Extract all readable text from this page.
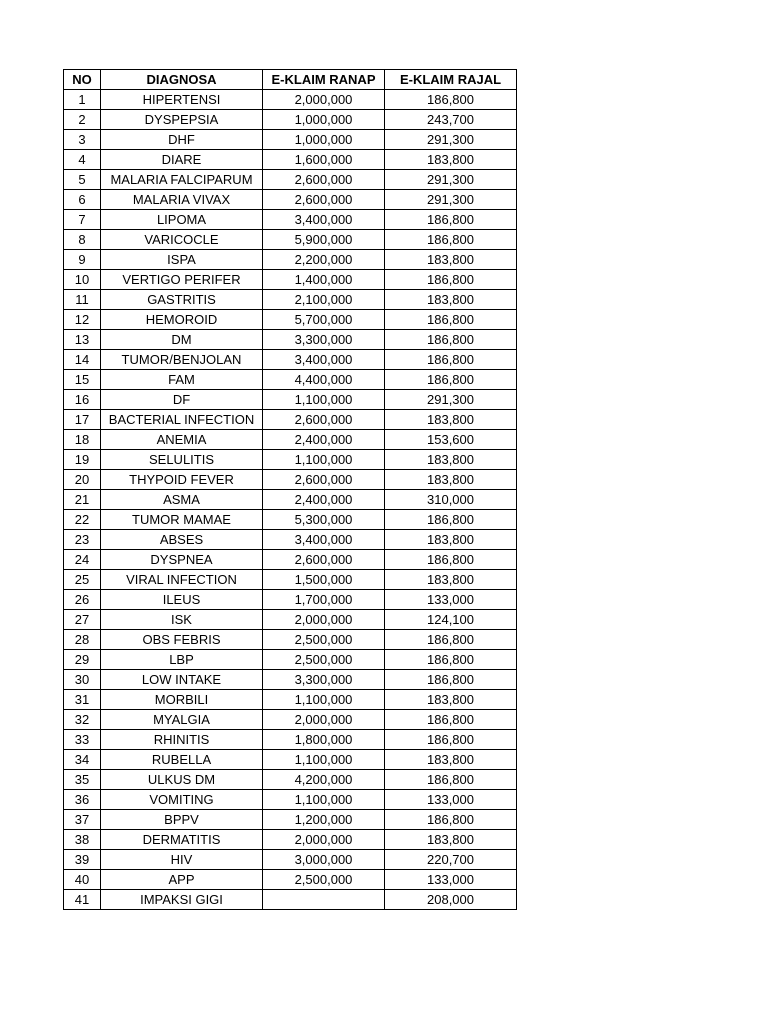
NO	DIAGNOSA	E-KLAIM RANAP	E-KLAIM RAJAL
1	HIPERTENSI	2,000,000	186,800
2	DYSPEPSIA	1,000,000	243,700
3	DHF	1,000,000	291,300
4	DIARE	1,600,000	183,800
5	MALARIA FALCIPARUM	2,600,000	291,300
6	MALARIA VIVAX	2,600,000	291,300
7	LIPOMA	3,400,000	186,800
8	VARICOCLE	5,900,000	186,800
9	ISPA	2,200,000	183,800
10	VERTIGO PERIFER	1,400,000	186,800
11	GASTRITIS	2,100,000	183,800
12	HEMOROID	5,700,000	186,800
13	DM	3,300,000	186,800
14	TUMOR/BENJOLAN	3,400,000	186,800
15	FAM	4,400,000	186,800
16	DF	1,100,000	291,300
17	BACTERIAL INFECTION	2,600,000	183,800
18	ANEMIA	2,400,000	153,600
19	SELULITIS	1,100,000	183,800
20	THYPOID FEVER	2,600,000	183,800
21	ASMA	2,400,000	310,000
22	TUMOR MAMAE	5,300,000	186,800
23	ABSES	3,400,000	183,800
24	DYSPNEA	2,600,000	186,800
25	VIRAL INFECTION	1,500,000	183,800
26	ILEUS	1,700,000	133,000
27	ISK	2,000,000	124,100
28	OBS FEBRIS	2,500,000	186,800
29	LBP	2,500,000	186,800
30	LOW INTAKE	3,300,000	186,800
31	MORBILI	1,100,000	183,800
32	MYALGIA	2,000,000	186,800
33	RHINITIS	1,800,000	186,800
34	RUBELLA	1,100,000	183,800
35	ULKUS DM	4,200,000	186,800
36	VOMITING	1,100,000	133,000
37	BPPV	1,200,000	186,800
38	DERMATITIS	2,000,000	183,800
39	HIV	3,000,000	220,700
40	APP	2,500,000	133,000
41	IMPAKSI GIGI		208,000
